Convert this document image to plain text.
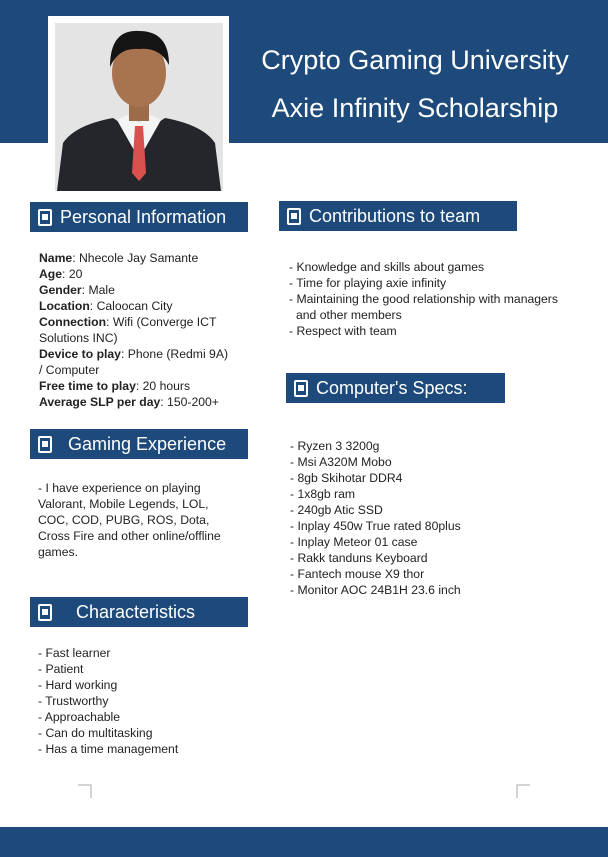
Crypto Gaming University
Axie Infinity Scholarship
Personal Information
Name: Nhecole Jay Samante
Age: 20
Gender: Male
Location: Caloocan City
Connection: Wifi (Converge ICT Solutions INC)
Device to play: Phone (Redmi 9A) / Computer
Free time to play: 20 hours
Average SLP per day: 150-200+
Contributions to team
- Knowledge and skills about games
- Time for playing axie infinity
- Maintaining the good relationship with managers and other members
- Respect with team
Computer's Specs:
- Ryzen 3 3200g
- Msi A320M Mobo
- 8gb Skihotar DDR4
- 1x8gb ram
- 240gb Atic SSD
- Inplay 450w True rated 80plus
- Inplay Meteor 01 case
- Rakk tanduns Keyboard
- Fantech mouse X9 thor
- Monitor AOC 24B1H 23.6 inch
Gaming Experience
- I have experience on playing Valorant, Mobile Legends, LOL, COC, COD, PUBG, ROS, Dota, Cross Fire and other online/offline games.
Characteristics
- Fast learner
- Patient
- Hard working
- Trustworthy
- Approachable
- Can do multitasking
- Has a time management
